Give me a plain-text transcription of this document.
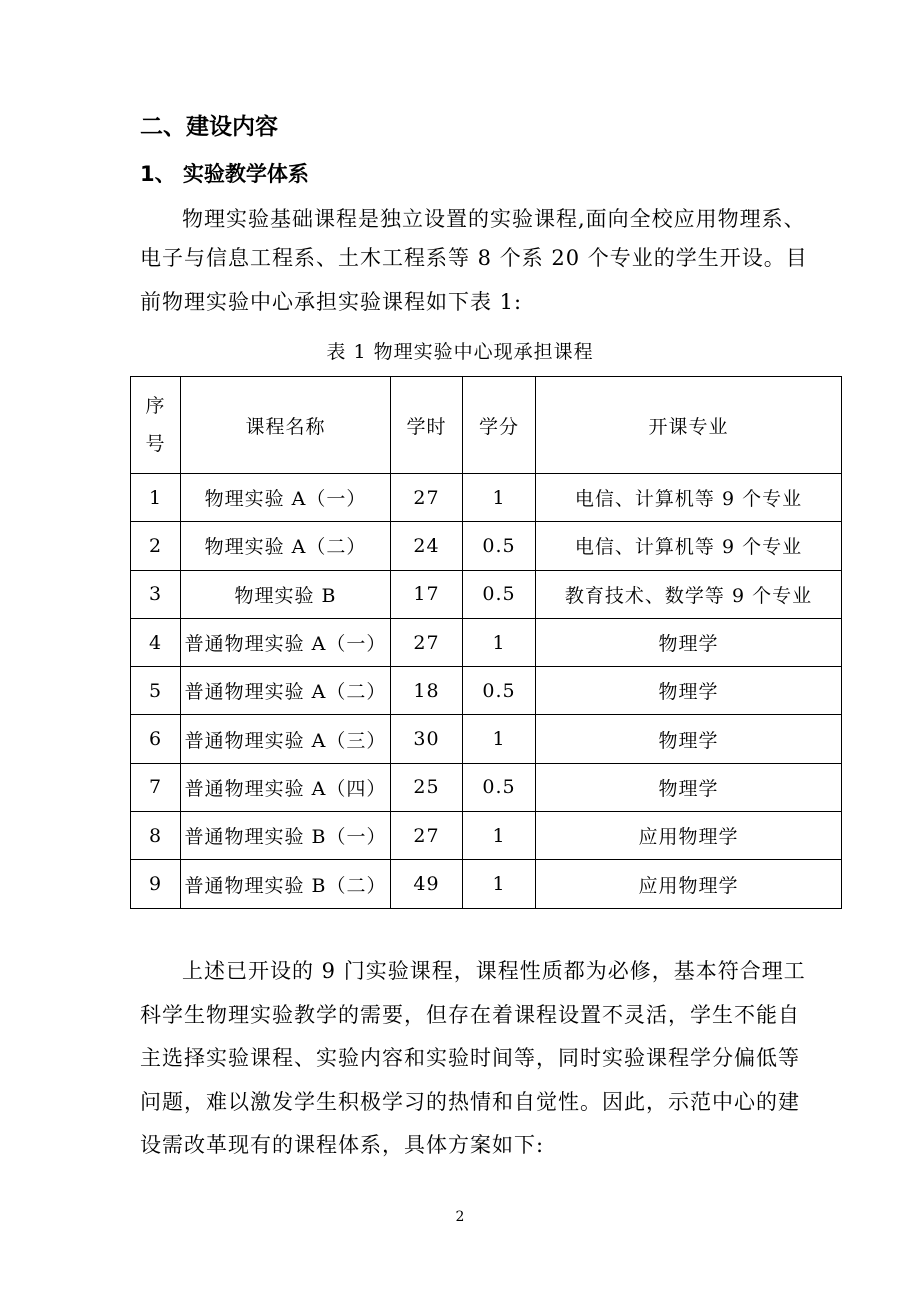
二、建设内容
1、 实验教学体系
物理实验基础课程是独立设置的实验课程,面向全校应用物理系、
电子与信息工程系、土木工程系等 8 个系 20 个专业的学生开设。目
前物理实验中心承担实验课程如下表 1:
表 1 物理实验中心现承担课程
序
号	课程名称	学时	学分	开课专业
1	物理实验 A（一）	27	1	电信、计算机等 9 个专业
2	物理实验 A（二）	24	0.5	电信、计算机等 9 个专业
3	物理实验 B	17	0.5	教育技术、数学等 9 个专业
4	普通物理实验 A（一）	27	1	物理学
5	普通物理实验 A（二）	18	0.5	物理学
6	普通物理实验 A（三）	30	1	物理学
7	普通物理实验 A（四）	25	0.5	物理学
8	普通物理实验 B（一）	27	1	应用物理学
9	普通物理实验 B（二）	49	1	应用物理学
上述已开设的 9 门实验课程，课程性质都为必修，基本符合理工
科学生物理实验教学的需要，但存在着课程设置不灵活，学生不能自
主选择实验课程、实验内容和实验时间等，同时实验课程学分偏低等
问题，难以激发学生积极学习的热情和自觉性。因此，示范中心的建
设需改革现有的课程体系，具体方案如下:
2
